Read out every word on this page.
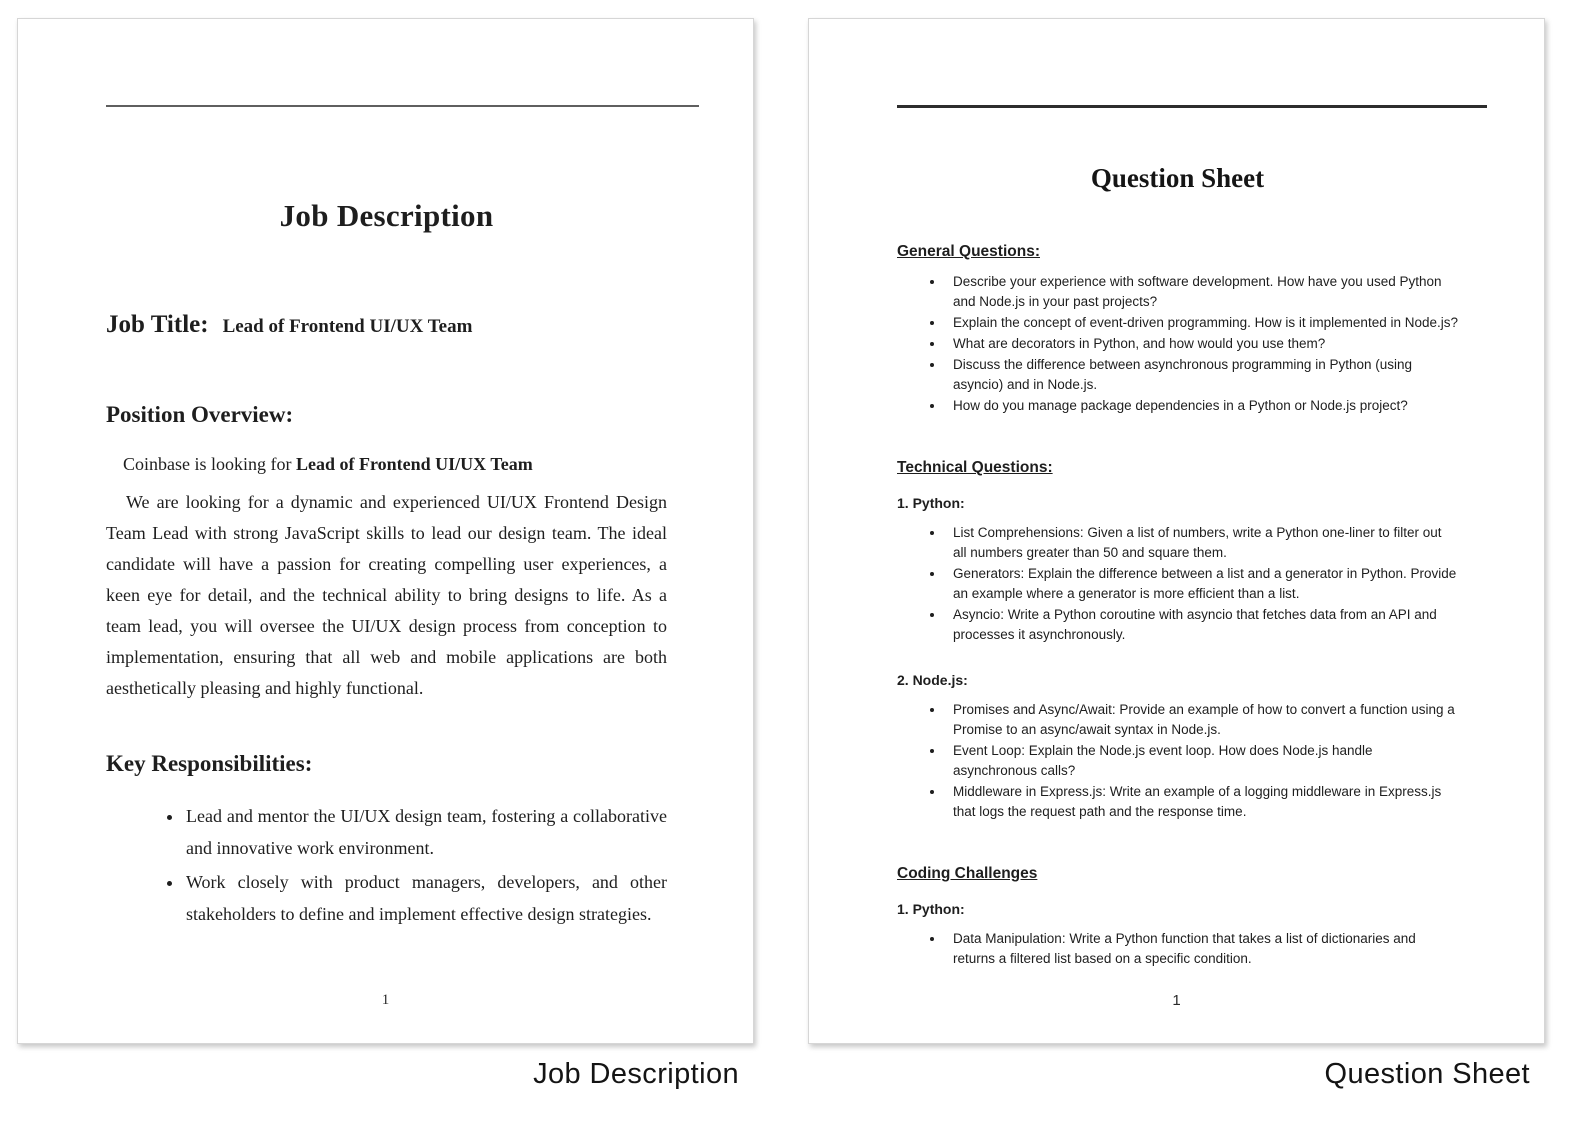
Job Description
Job Title: Lead of Frontend UI/UX Team
Position Overview:
Coinbase is looking for Lead of Frontend UI/UX Team
We are looking for a dynamic and experienced UI/UX Frontend Design Team Lead with strong JavaScript skills to lead our design team. The ideal candidate will have a passion for creating compelling user experiences, a keen eye for detail, and the technical ability to bring designs to life. As a team lead, you will oversee the UI/UX design process from conception to implementation, ensuring that all web and mobile applications are both aesthetically pleasing and highly functional.
Key Responsibilities:
• Lead and mentor the UI/UX design team, fostering a collaborative and innovative work environment.
• Work closely with product managers, developers, and other stakeholders to define and implement effective design strategies.
1
Question Sheet
General Questions:
• Describe your experience with software development. How have you used Python and Node.js in your past projects?
• Explain the concept of event-driven programming. How is it implemented in Node.js?
• What are decorators in Python, and how would you use them?
• Discuss the difference between asynchronous programming in Python (using asyncio) and in Node.js.
• How do you manage package dependencies in a Python or Node.js project?
Technical Questions:
1. Python:
• List Comprehensions: Given a list of numbers, write a Python one-liner to filter out all numbers greater than 50 and square them.
• Generators: Explain the difference between a list and a generator in Python. Provide an example where a generator is more efficient than a list.
• Asyncio: Write a Python coroutine with asyncio that fetches data from an API and processes it asynchronously.
2. Node.js:
• Promises and Async/Await: Provide an example of how to convert a function using a Promise to an async/await syntax in Node.js.
• Event Loop: Explain the Node.js event loop. How does Node.js handle asynchronous calls?
• Middleware in Express.js: Write an example of a logging middleware in Express.js that logs the request path and the response time.
Coding Challenges
1. Python:
• Data Manipulation: Write a Python function that takes a list of dictionaries and returns a filtered list based on a specific condition.
1
Job Description	Question Sheet
